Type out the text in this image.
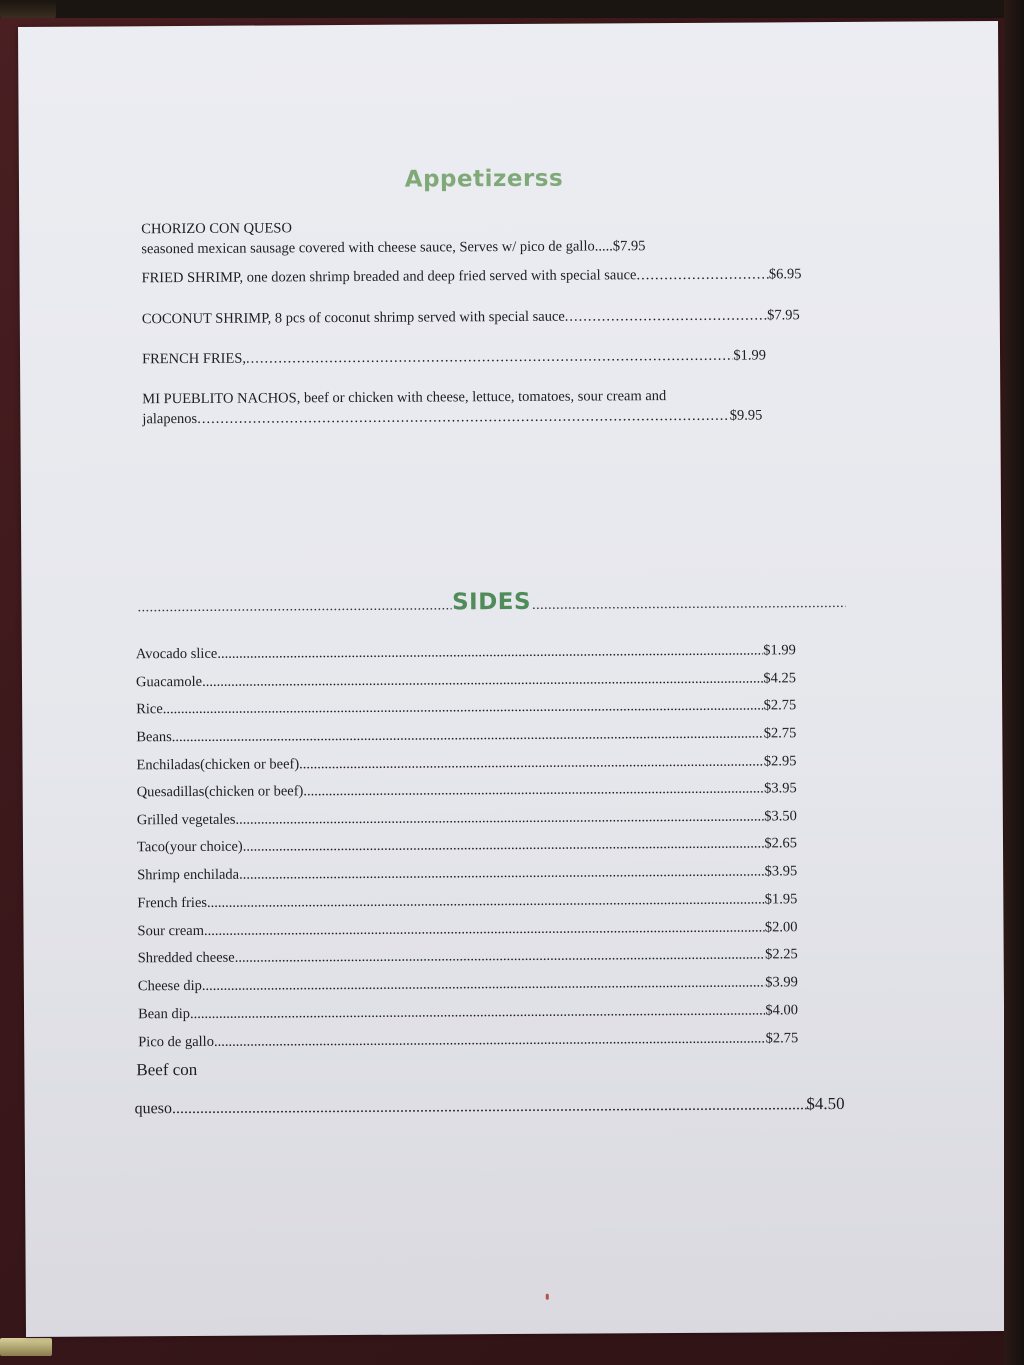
Appetizerss
CHORIZO CON QUESO
seasoned mexican sausage covered with cheese sauce, Serves w/ pico de gallo.....$7.95
FRIED SHRIMP, one dozen shrimp breaded and deep fried served with special sauce .....	$6.95
COCONUT SHRIMP, 8 pcs of coconut shrimp served with special sauce .....	$7.95
FRENCH FRIES, .....	$1.99
MI PUEBLITO NACHOS, beef or chicken with cheese, lettuce, tomatoes, sour cream and
jalapenos .....	$9.95
.....
SIDES
.....
Avocado slice .....	$1.99
Guacamole .....	$4.25
Rice .....	$2.75
Beans .....	$2.75
Enchiladas(chicken or beef) .....	$2.95
Quesadillas(chicken or beef) .....	$3.95
Grilled vegetales .....	$3.50
Taco(your choice) .....	$2.65
Shrimp enchilada .....	$3.95
French fries .....	$1.95
Sour cream .....	$2.00
Shredded cheese .....	$2.25
Cheese dip .....	$3.99
Bean dip .....	$4.00
Pico de gallo .....	$2.75
Beef con
queso .....	$4.50
